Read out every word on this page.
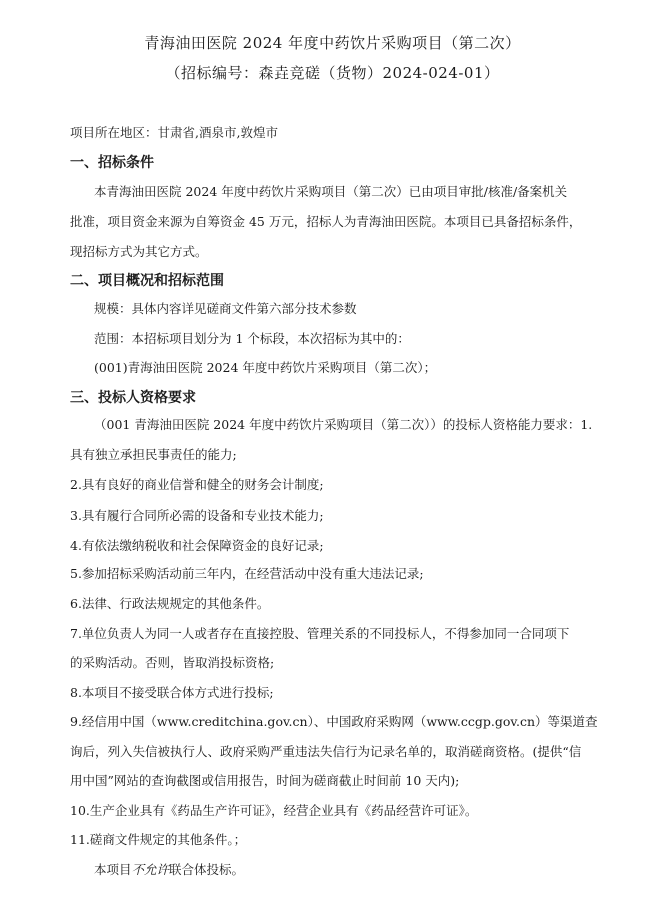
青海油田医院 2024 年度中药饮片采购项目（第二次）
（招标编号：森垚竞磋（货物）2024-024-01）
项目所在地区：甘肃省,酒泉市,敦煌市
一、招标条件
本青海油田医院 2024 年度中药饮片采购项目（第二次）已由项目审批/核准/备案机关
批准，项目资金来源为自筹资金 45 万元，招标人为青海油田医院。本项目已具备招标条件，
现招标方式为其它方式。
二、项目概况和招标范围
规模：具体内容详见磋商文件第六部分技术参数
范围：本招标项目划分为 1 个标段，本次招标为其中的：
(001)青海油田医院 2024 年度中药饮片采购项目（第二次）；
三、投标人资格要求
（001 青海油田医院 2024 年度中药饮片采购项目（第二次））的投标人资格能力要求：1.
具有独立承担民事责任的能力;
2.具有良好的商业信誉和健全的财务会计制度;
3.具有履行合同所必需的设备和专业技术能力;
4.有依法缴纳税收和社会保障资金的良好记录;
5.参加招标采购活动前三年内，在经营活动中没有重大违法记录;
6.法律、行政法规规定的其他条件。
7.单位负责人为同一人或者存在直接控股、管理关系的不同投标人，不得参加同一合同项下
的采购活动。否则，皆取消投标资格;
8.本项目不接受联合体方式进行投标;
9.经信用中国（www.creditchina.gov.cn）、中国政府采购网（www.ccgp.gov.cn）等渠道查
询后，列入失信被执行人、政府采购严重违法失信行为记录名单的，取消磋商资格。(提供“信
用中国”网站的查询截图或信用报告，时间为磋商截止时间前 10 天内);
10.生产企业具有《药品生产许可证》，经营企业具有《药品经营许可证》。
11.磋商文件规定的其他条件。；
本项目不允许联合体投标。
